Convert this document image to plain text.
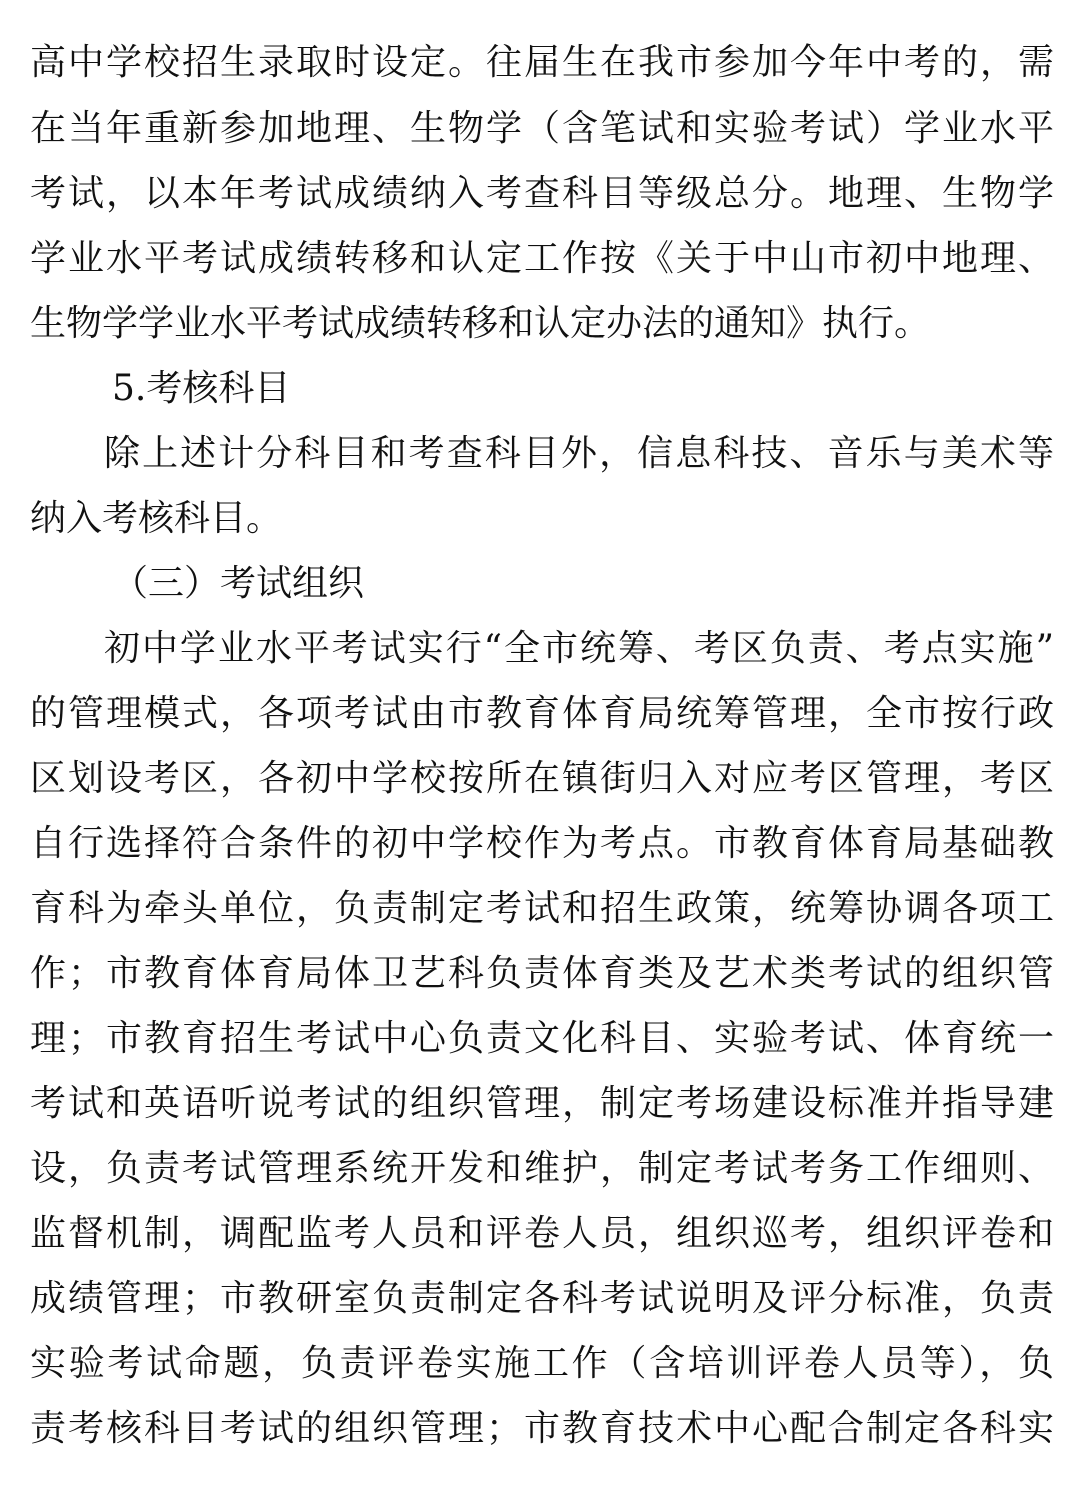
高中学校招生录取时设定。往届生在我市参加今年中考的，需
在当年重新参加地理、生物学（含笔试和实验考试）学业水平
考试，以本年考试成绩纳入考查科目等级总分。地理、生物学
学业水平考试成绩转移和认定工作按《关于中山市初中地理、
生物学学业水平考试成绩转移和认定办法的通知》执行。
5.考核科目
除上述计分科目和考查科目外，信息科技、音乐与美术等
纳入考核科目。
（三）考试组织
初中学业水平考试实行“全市统筹、考区负责、考点实施”
的管理模式，各项考试由市教育体育局统筹管理，全市按行政
区划设考区，各初中学校按所在镇街归入对应考区管理，考区
自行选择符合条件的初中学校作为考点。市教育体育局基础教
育科为牵头单位，负责制定考试和招生政策，统筹协调各项工
作；市教育体育局体卫艺科负责体育类及艺术类考试的组织管
理；市教育招生考试中心负责文化科目、实验考试、体育统一
考试和英语听说考试的组织管理，制定考场建设标准并指导建
设，负责考试管理系统开发和维护，制定考试考务工作细则、
监督机制，调配监考人员和评卷人员，组织巡考，组织评卷和
成绩管理；市教研室负责制定各科考试说明及评分标准，负责
实验考试命题，负责评卷实施工作（含培训评卷人员等），负
责考核科目考试的组织管理；市教育技术中心配合制定各科实
